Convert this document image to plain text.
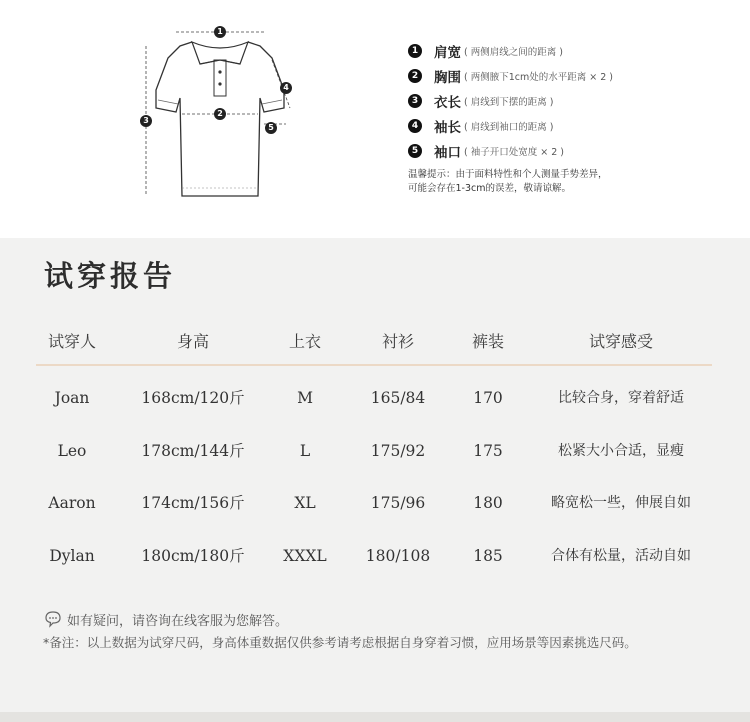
1
2
3
4
5
1 肩宽 ( 两侧肩线之间的距离 )
2 胸围 ( 两侧腋下1cm处的水平距离 × 2 )
3 衣长 ( 肩线到下摆的距离 )
4 袖长 ( 肩线到袖口的距离 )
5 袖口 ( 袖子开口处宽度 × 2 )
温馨提示：由于面料特性和个人测量手势差异，
可能会存在1-3cm的误差，敬请谅解。
试穿报告
试穿人	身高	上衣	衬衫	裤装	试穿感受
Joan	168cm/120斤	M	165/84	170	比较合身，穿着舒适
Leo	178cm/144斤	L	175/92	175	松紧大小合适，显瘦
Aaron	174cm/156斤	XL	175/96	180	略宽松一些，伸展自如
Dylan	180cm/180斤	XXXL	180/108	185	合体有松量，活动自如
如有疑问，请咨询在线客服为您解答。
*备注：以上数据为试穿尺码，身高体重数据仅供参考请考虑根据自身穿着习惯，应用场景等因素挑选尺码。
